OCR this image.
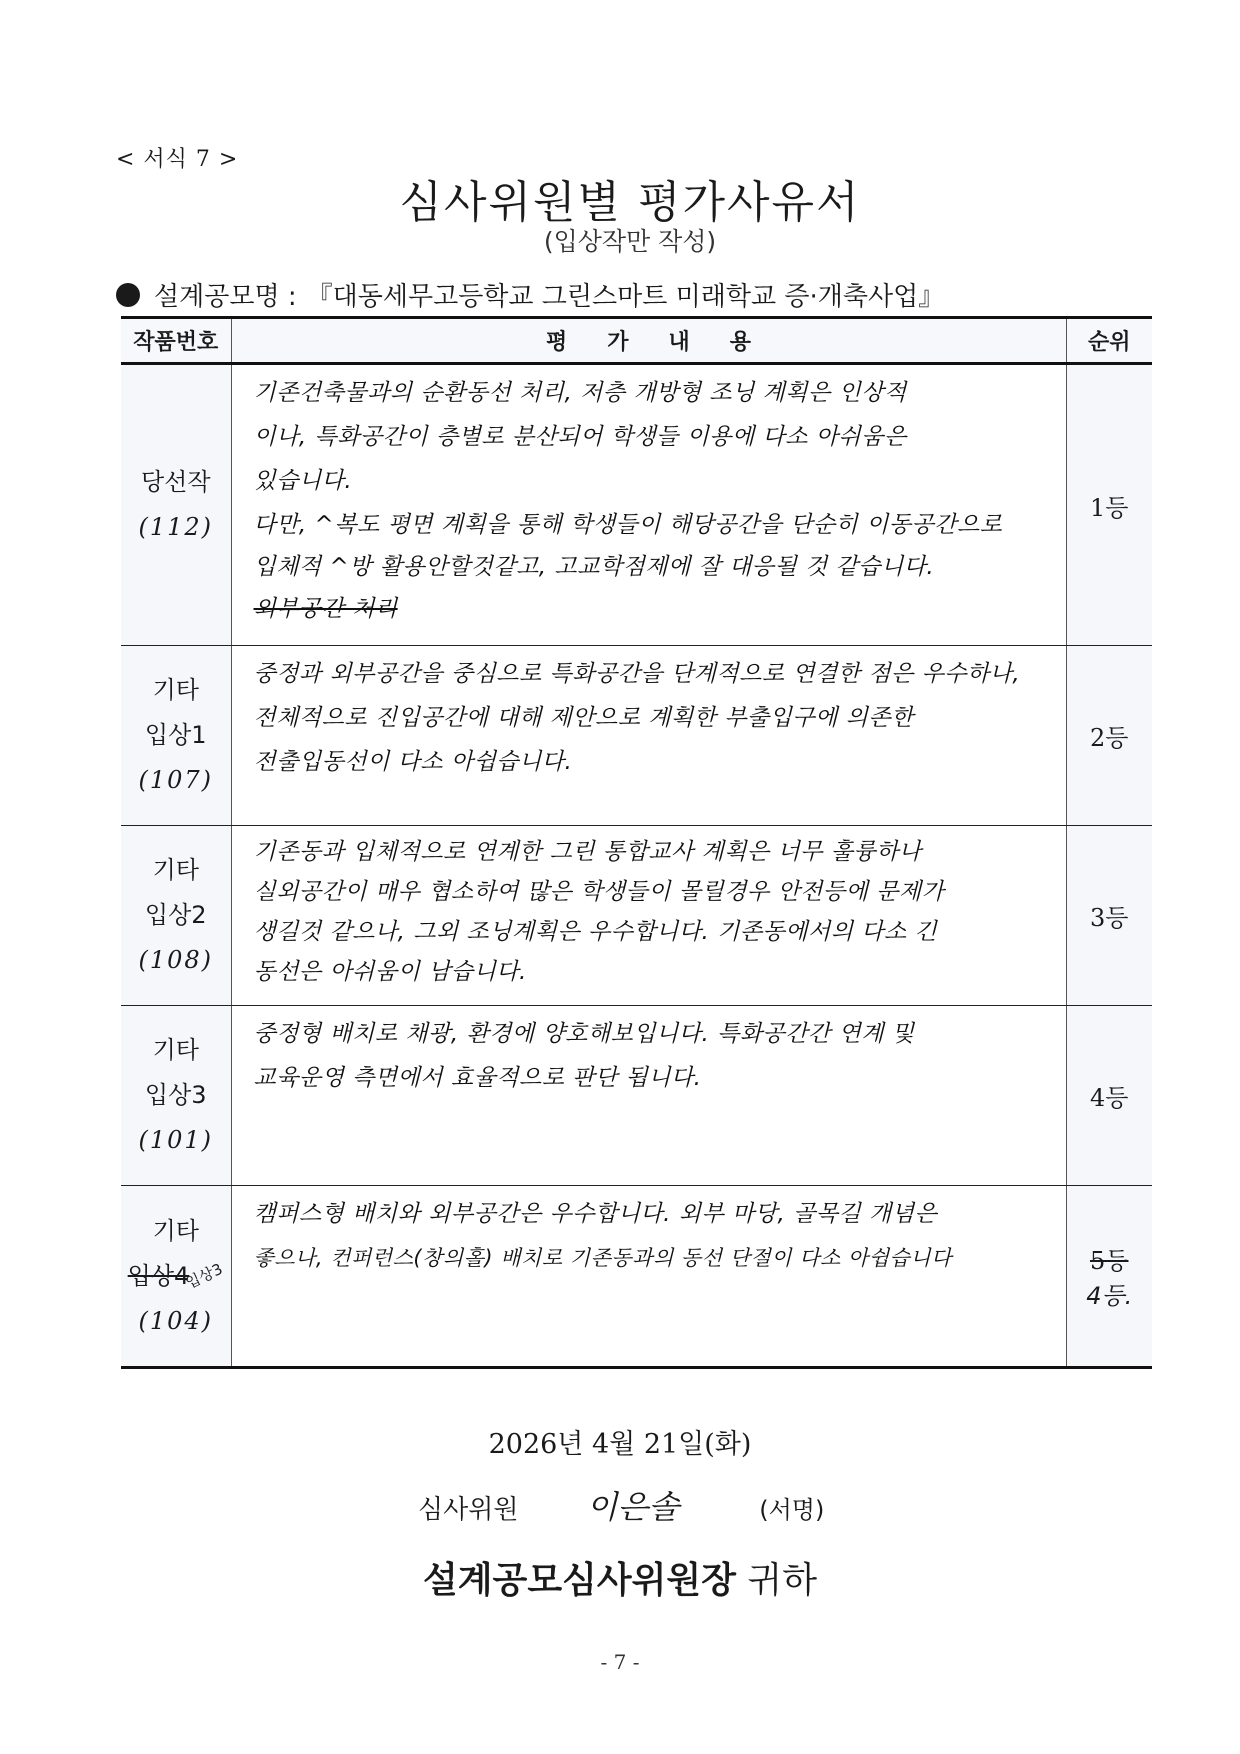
< 서식 7 >
심사위원별 평가사유서
(입상작만 작성)
설계공모명 : 『대동세무고등학교 그린스마트 미래학교 증·개축사업』
작품번호	평가내용	순위

당선작
(112)

기존건축물과의 순환동선 처리, 저층 개방형 조닝 계획은 인상적
이나, 특화공간이 층별로 분산되어 학생들 이용에 다소 아쉬움은
있습니다.
다만, ^복도 평면 계획을 통해 학생들이 해당공간을 단순히 이동공간으로
입체적 ^방 활용안할것같고, 고교학점제에 잘 대응될 것 같습니다.
외부공간 처리
	1등

기타
입상1
(107)

중정과 외부공간을 중심으로 특화공간을 단계적으로 연결한 점은 우수하나,
전체적으로 진입공간에 대해 제안으로 계획한 부출입구에 의존한
전출입동선이 다소 아쉽습니다.
	2등

기타
입상2
(108)

기존동과 입체적으로 연계한 그린 통합교사 계획은 너무 훌륭하나
실외공간이 매우 협소하여 많은 학생들이 몰릴경우 안전등에 문제가
생길것 같으나, 그외 조닝계획은 우수합니다. 기존동에서의 다소 긴
동선은 아쉬움이 남습니다.
	3등

기타
입상3
(101)

중정형 배치로 채광, 환경에 양호해보입니다. 특화공간간 연계 및
교육운영 측면에서 효율적으로 판단 됩니다.
	4등

기타
입상4입상3
(104)

캠퍼스형 배치와 외부공간은 우수합니다. 외부 마당, 골목길 개념은
좋으나, 컨퍼런스(창의홀) 배치로 기존동과의 동선 단절이 다소 아쉽습니다	5등
4등.
2026년 4월 21일(화)
심사위원 이은솔	(서명)
설계공모심사위원장 귀하
- 7 -
